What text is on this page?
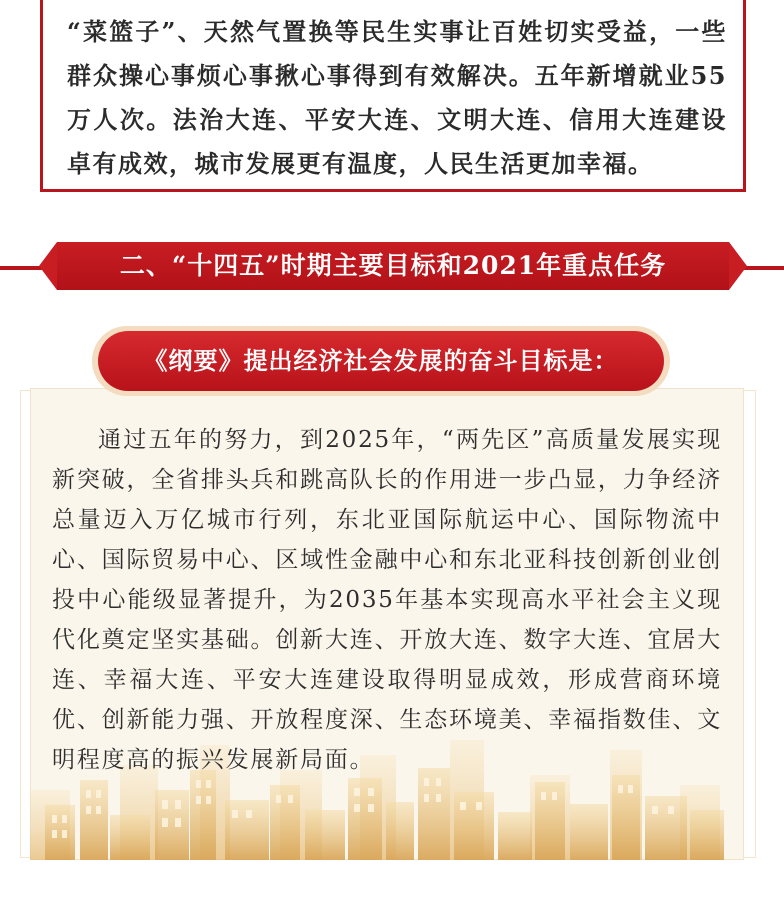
“菜篮子”、天然气置换等民生实事让百姓切实受益，一些群众操心事烦心事揪心事得到有效解决。五年新增就业55万人次。法治大连、平安大连、文明大连、信用大连建设卓有成效，城市发展更有温度，人民生活更加幸福。

二、“十四五”时期主要目标和2021年重点任务
《纲要》提出经济社会发展的奋斗目标是：

通过五年的努力，到2025年，“两先区”高质量发展实现新突破，全省排头兵和跳高队长的作用进一步凸显，力争经济总量迈入万亿城市行列，东北亚国际航运中心、国际物流中心、国际贸易中心、区域性金融中心和东北亚科技创新创业创投中心能级显著提升，为2035年基本实现高水平社会主义现代化奠定坚实基础。创新大连、开放大连、数字大连、宜居大连、幸福大连、平安大连建设取得明显成效，形成营商环境优、创新能力强、开放程度深、生态环境美、幸福指数佳、文明程度高的振兴发展新局面。
